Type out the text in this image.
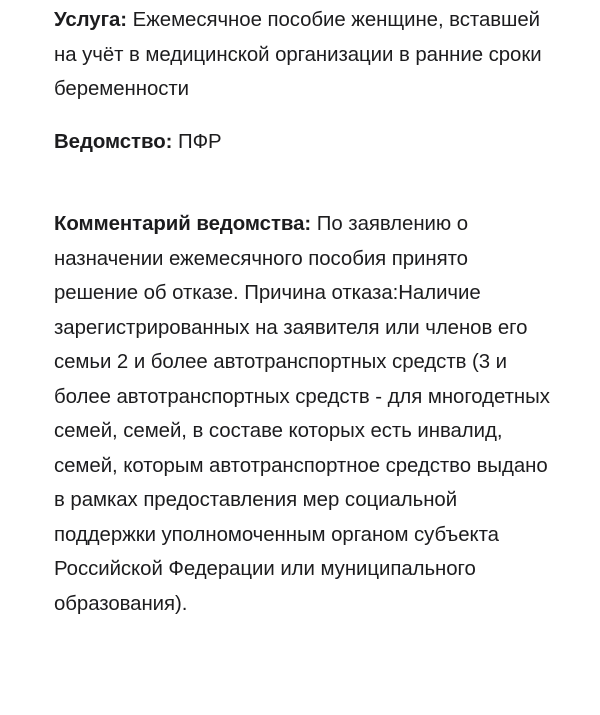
Услуга: Ежемесячное пособие женщине, вставшей на учёт в медицинской организации в ранние сроки беременности

Ведомство: ПФР

Комментарий ведомства: По заявлению о назначении ежемесячного пособия принято решение об отказе. Причина отказа:Наличие зарегистрированных на заявителя или членов его семьи 2 и более автотранспортных средств (3 и более автотранспортных средств - для многодетных семей, семей, в составе которых есть инвалид, семей, которым автотранспортное средство выдано в рамках предоставления мер социальной поддержки уполномоченным органом субъекта Российской Федерации или муниципального образования).
